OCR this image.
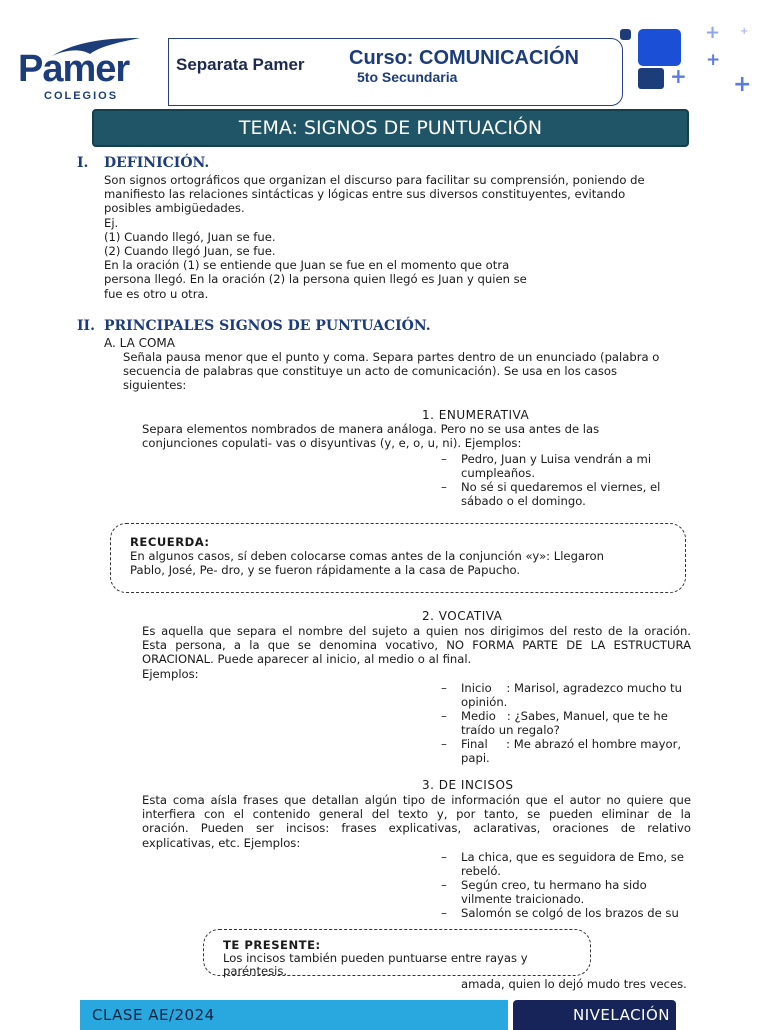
Pamer
COLEGIOS
Separata Pamer Curso: COMUNICACIÓN
5to Secundaria	+
+
+
+
+
TEMA: SIGNOS DE PUNTUACIÓN
I. DEFINICIÓN.
Son signos ortográficos que organizan el discurso para facilitar su comprensión, poniendo de
manifiesto las relaciones sintácticas y lógicas entre sus diversos constituyentes, evitando
posibles ambigüedades.
Ej.
(1) Cuando llegó, Juan se fue.
(2) Cuando llegó Juan, se fue.
En la oración (1) se entiende que Juan se fue en el momento que otra
persona llegó. En la oración (2) la persona quien llegó es Juan y quien se
fue es otro u otra.
II. PRINCIPALES SIGNOS DE PUNTUACIÓN.
A. LA COMA
Señala pausa menor que el punto y coma. Separa partes dentro de un enunciado (palabra o
secuencia de palabras que constituye un acto de comunicación). Se usa en los casos
siguientes:
1. ENUMERATIVA
Separa elementos nombrados de manera análoga. Pero no se usa antes de las
conjunciones copulati- vas o disyuntivas (y, e, o, u, ni). Ejemplos:
– Pedro, Juan y Luisa vendrán a mi
cumpleaños.
– No sé si quedaremos el viernes, el
sábado o el domingo.
RECUERDA:
En algunos casos, sí deben colocarse comas antes de la conjunción «y»: Llegaron
Pablo, José, Pe- dro, y se fueron rápidamente a la casa de Papucho.
2. VOCATIVA
Es aquella que separa el nombre del sujeto a quien nos dirigimos del resto de la oración.
Esta persona, a la que se denomina vocativo, NO FORMA PARTE DE LA ESTRUCTURA
ORACIONAL. Puede aparecer al inicio, al medio o al final.
Ejemplos:
– Inicio    : Marisol, agradezco mucho tu
opinión.
– Medio   : ¿Sabes, Manuel, que te he
traído un regalo?
– Final     : Me abrazó el hombre mayor,
papi.
3. DE INCISOS
Esta coma aísla frases que detallan algún tipo de información que el autor no quiere que
interfiera con el contenido general del texto y, por tanto, se pueden eliminar de la
oración. Pueden ser incisos: frases explicativas, aclarativas, oraciones de relativo
explicativas, etc. Ejemplos:
– La chica, que es seguidora de Emo, se
rebeló.
– Según creo, tu hermano ha sido
vilmente traicionado.
– Salomón se colgó de los brazos de su
amada, quien lo dejó mudo tres veces.
TE PRESENTE:
Los incisos también pueden puntuarse entre rayas y
paréntesis.
CLASE AE/2024	NIVELACIÓN
